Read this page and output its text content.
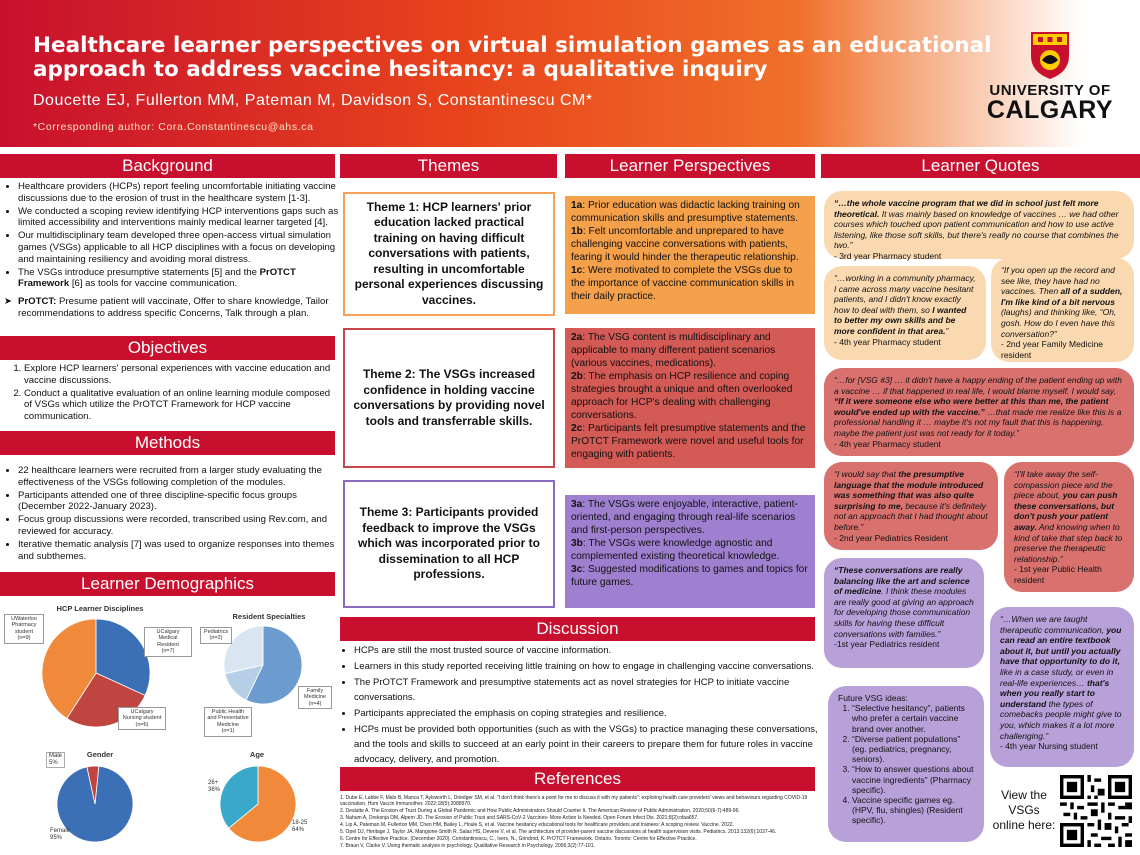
Healthcare learner perspectives on virtual simulation games as an educational approach to address vaccine hesitancy: a qualitative inquiry
Doucette EJ, Fullerton MM, Pateman M, Davidson S, Constantinescu CM*
*Corresponding author: Cora.Constantinescu@ahs.ca
UNIVERSITY OF
CALGARY
Background
• Healthcare providers (HCPs) report feeling uncomfortable initiating vaccine discussions due to the erosion of trust in the healthcare system [1-3].
• We conducted a scoping review identifying HCP interventions gaps such as limited accessibility and interventions mainly medical learner targeted [4].
• Our multidisciplinary team developed three open-access virtual simulation games (VSGs) applicable to all HCP disciplines with a focus on developing and maintaining resiliency and avoiding moral distress.
• The VSGs introduce presumptive statements [5] and the PrOTCT Framework [6] as tools for vaccine communication.
➤ PrOTCT: Presume patient will vaccinate, Offer to share knowledge, Tailor recommendations to address specific Concerns, Talk through a plan.
Objectives
1. Explore HCP learners' personal experiences with vaccine education and vaccine discussions.
2. Conduct a qualitative evaluation of an online learning module composed of VSGs which utilize the PrOTCT Framework for HCP vaccine communication.
Methods
• 22 healthcare learners were recruited from a larger study evaluating the effectiveness of the VSGs following completion of the modules.
• Participants attended one of three discipline-specific focus groups (December 2022-January 2023).
• Focus group discussions were recorded, transcribed using Rev.com, and reviewed for accuracy.
• Iterative thematic analysis [7] was used to organize responses into themes and subthemes.
Learner Demographics
HCP Learner Disciplines
UWaterloo Pharmacy student
(n=9)
UCalgary Medical Resident
(n=7)
UCalgary Nursing student
(n=6)
Resident Specialties
Pediatrics
(n=2)
Family Medicine
(n=4)
Public Health and Preventative Medicine
(n=1)
Gender
Male
5%
Female
95%
Age
26+
36%
18-25
64%
Themes
Theme 1: HCP learners' prior education lacked practical training on having difficult conversations with patients, resulting in uncomfortable personal experiences discussing vaccines.
Theme 2: The VSGs increased confidence in holding vaccine conversations by providing novel tools and transferrable skills.
Theme 3: Participants provided feedback to improve the VSGs which was incorporated prior to dissemination to all HCP professions.
Learner Perspectives
1a: Prior education was didactic lacking training on communication skills and presumptive statements.
1b: Felt uncomfortable and unprepared to have challenging vaccine conversations with patients, fearing it would hinder the therapeutic relationship.
1c: Were motivated to complete the VSGs due to the importance of vaccine communication skills in their daily practice.
2a: The VSG content is multidisciplinary and applicable to many different patient scenarios (various vaccines, medications).
2b: The emphasis on HCP resilience and coping strategies brought a unique and often overlooked approach for HCP's dealing with challenging conversations.
2c: Participants felt presumptive statements and the PrOTCT Framework were novel and useful tools for engaging with patients.
3a: The VSGs were enjoyable, interactive, patient-oriented, and engaging through real-life scenarios and first-person perspectives.
3b: The VSGs were knowledge agnostic and complemented existing theoretical knowledge.
3c: Suggested modifications to games and topics for future games.
Discussion
• HCPs are still the most trusted source of vaccine information.
• Learners in this study reported receiving little training on how to engage in challenging vaccine conversations.
• The PrOTCT Framework and presumptive statements act as novel strategies for HCP to initiate vaccine conversations.
• Participants appreciated the emphasis on coping strategies and resilience.
• HCPs must be provided both opportunities (such as with the VSGs) to practice managing these conversations, and the tools and skills to succeed at an early point in their careers to prepare them for future roles in vaccine advocacy, delivery, and promotion.
References
1. Dube E, Labbe F, Malo B, Manca T, Aylsworth L, Driedger SM, et al. "I don't think there's a point for me to discuss it with my patients": exploring health care providers' views and behaviours regarding COVID-19 vaccination. Hum Vaccin Immunother. 2022;18(5):2088970.
2. Deslatte A. The Erosion of Trust During a Global Pandemic and How Public Administrators Should Counter It. The American Review of Public Administration. 2020;50(6-7):489-96.
3. Nahum A, Drekonja DM, Alpern JD. The Erosion of Public Trust and SARS-CoV-2 Vaccines- More Action Is Needed. Open Forum Infect Dis. 2021;8(2):ofaa657.
4. Lip A, Pateman M, Fullerton MM, Chen HM, Bailey L, Houle S, et al. Vaccine hesitancy educational tools for healthcare providers and trainees: A scoping review. Vaccine. 2022.
5. Opel DJ, Heritage J, Taylor JA, Mangione-Smith R, Salas HS, Devere V, et al. The architecture of provider-parent vaccine discussions at health supervision visits. Pediatrics. 2013;132(6):1037-46.
6. Centre for Effective Practice. (December 2020). Constantinescu, C., Ivers, N., Grindrod, K. PrOTCT Framework. Ontario. Toronto: Centre for Effective Practice.
7. Braun V, Clarke V. Using thematic analysis in psychology. Qualitative Research in Psychology. 2006;3(2):77-101.
Learner Quotes
“…the whole vaccine program that we did in school just felt more theoretical. It was mainly based on knowledge of vaccines … we had other courses which touched upon patient communication and how to use active listening, like those soft skills, but there's really no course that combines the two.”
- 3rd year Pharmacy student
“…working in a community pharmacy, I came across many vaccine hesitant patients, and I didn't know exactly how to deal with them, so I wanted to better my own skills and be more confident in that area.”
- 4th year Pharmacy student
“If you open up the record and see like, they have had no vaccines. Then all of a sudden, I'm like kind of a bit nervous (laughs) and thinking like, “Oh, gosh. How do I even have this conversation?”
- 2nd year Family Medicine resident
“…for [VSG #3] … it didn't have a happy ending of the patient ending up with a vaccine … if that happened in real life, I would blame myself. I would say, “If it were someone else who were better at this than me, the patient would've ended up with the vaccine.” …that made me realize like this is a professional handling it … maybe it's not my fault that this is happening, maybe the patient just was not ready for it today.”
- 4th year Pharmacy student
“I would say that the presumptive language that the module introduced was something that was also quite surprising to me, because it's definitely not an approach that I had thought about before.”
- 2nd year Pediatrics Resident
“I'll take away the self-compassion piece and the piece about, you can push these conversations, but don't push your patient away. And knowing when to kind of take that step back to preserve the therapeutic relationship.”
- 1st year Public Health resident
“These conversations are really balancing like the art and science of medicine. I think these modules are really good at giving an approach for developing those communication skills for having these difficult conversations with families.”
-1st year Pediatrics resident
“…When we are taught therapeutic communication, you can read an entire textbook about it, but until you actually have that opportunity to do it, like in a case study, or even in real-life experiences… that's when you really start to understand the types of comebacks people might give to you, which makes it a lot more challenging.”
- 4th year Nursing student
Future VSG ideas:
1. “Selective hesitancy”, patients who prefer a certain vaccine brand over another.
2. “Diverse patient populations” (eg. pediatrics, pregnancy, seniors).
3. “How to answer questions about vaccine ingredients” (Pharmacy specific).
4. Vaccine specific games eg. (HPV, flu, shingles) (Resident specific).
View the VSGs online here:
